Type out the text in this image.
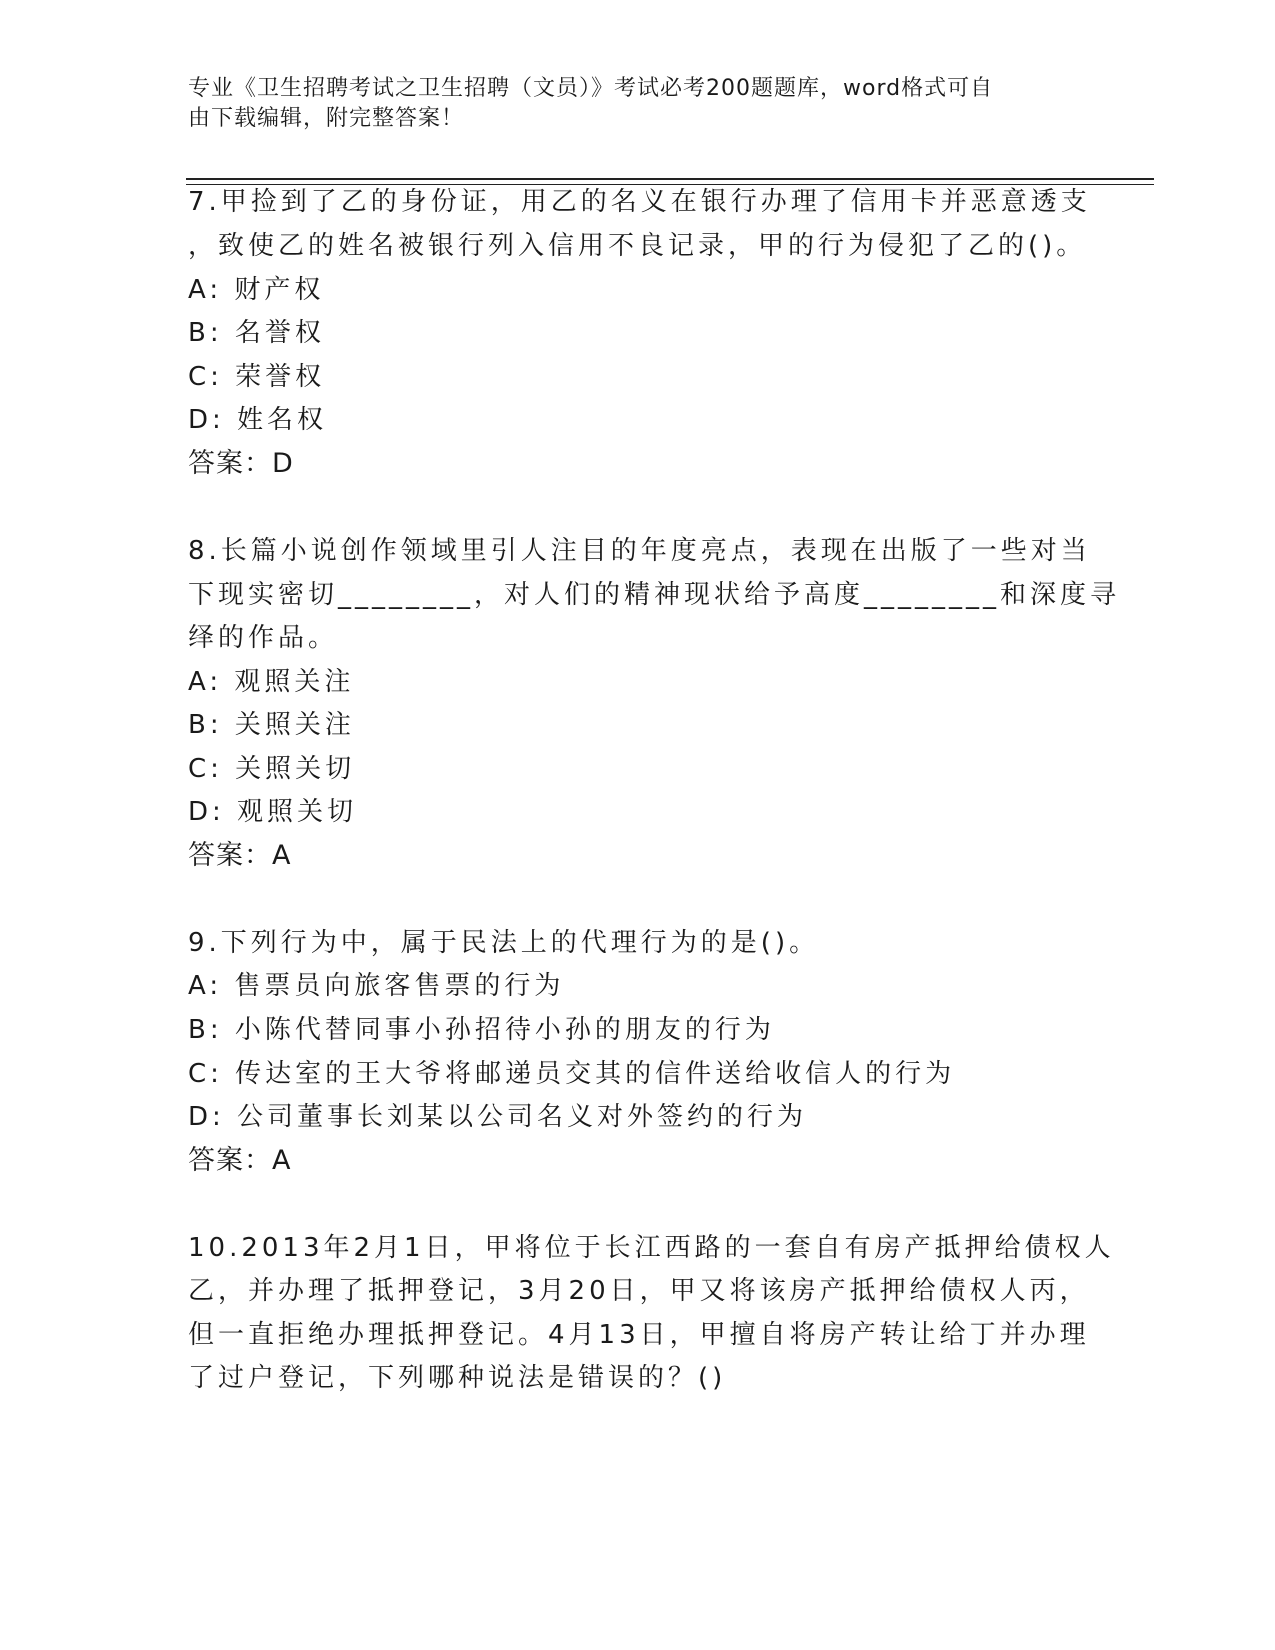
专业《卫生招聘考试之卫生招聘（文员）》考试必考200题题库，word格式可自
由下载编辑，附完整答案！
7.甲捡到了乙的身份证，用乙的名义在银行办理了信用卡并恶意透支
，致使乙的姓名被银行列入信用不良记录，甲的行为侵犯了乙的()。
A: 财产权
B: 名誉权
C: 荣誉权
D: 姓名权
答案：D
8.长篇小说创作领域里引人注目的年度亮点，表现在出版了一些对当
下现实密切________，对人们的精神现状给予高度________和深度寻
绎的作品。
A: 观照关注
B: 关照关注
C: 关照关切
D: 观照关切
答案：A
9.下列行为中，属于民法上的代理行为的是()。
A: 售票员向旅客售票的行为
B: 小陈代替同事小孙招待小孙的朋友的行为
C: 传达室的王大爷将邮递员交其的信件送给收信人的行为
D: 公司董事长刘某以公司名义对外签约的行为
答案：A
10.2013年2月1日，甲将位于长江西路的一套自有房产抵押给债权人
乙，并办理了抵押登记，3月20日，甲又将该房产抵押给债权人丙，
但一直拒绝办理抵押登记。4月13日，甲擅自将房产转让给丁并办理
了过户登记，下列哪种说法是错误的？()
